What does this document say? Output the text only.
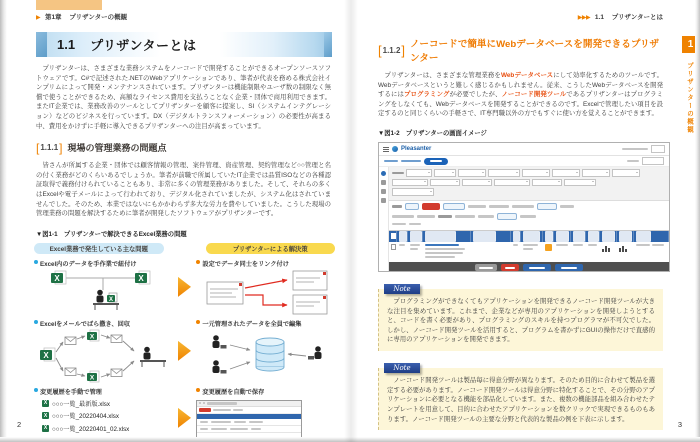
▶ 第1章 プリザンターの概観
1.1 プリザンターとは

　プリザンターは、さまざまな業務システムをノーコードで開発することができるオープンソースソフトウェアです。C#で記述された.NETのWebアプリケーションであり、筆者が代表を務める株式会社インプリムによって開発・メンテナンスされています。プリザンターは機能制限やユーザ数の制限なく無償で使うことができるため、高額なライセンス費用を支払うことなく企業・団体で商用利用できます。またIT企業では、業務改善のツールとしてプリザンターを顧客に提案し、SI（システムインテグレーション）などのビジネスを行っています。DX（デジタルトランスフォーメーション）の必要性が高まる中、費用をかけずに手軽に導入できるプリザンターへの注目が高まっています。

[ 1.1.1 ] 現場の管理業務の問題点

　皆さんが所属する企業・団体では顧客情報の管理、案件管理、資産管理、契約管理など○○管理と名の付く業務がどのくらいあるでしょうか。筆者が前職で所属していたIT企業では品質ISOなどの各種認証取得で義務付けられていることもあり、非常に多くの管理業務がありました。そして、それらの多くはExcelや電子メールによって行われており、デジタル化されていましたが、システム化はされていませんでした。そのため、本業ではないにもかかわらず多大な労力を費やしていました。こうした現場の管理業務の問題を解決するために筆者が開発したソフトウェアがプリザンターです。

▼図1-1　プリザンターで解決できるExcel業務の問題
Excel業務で発生している主な問題	プリザンターによる解決策
Excel内のデータを手作業で紐付け
X	X
X
設定でデータ同士をリンク付け
Excelをメールでばら撒き、回収
X
X
X
一元管理されたデータを全員で編集
変更履歴を手動で管理
X ○○○一覧_最新版.xlsx
X ○○○一覧_20220404.xlsx
X ○○○一覧_20220401_02.xlsx
変更履歴を自動で保存
2
▶▶▶ 1.1 プリザンターとは
[ 1.1.2 ] ノーコードで簡単にWebデータベースを開発できるプリザンター

　プリザンターは、さまざまな管理業務をWebデータベースにして効率化するためのツールです。Webデータベースというと難しく感じるかもしれません。従来、こうしたWebデータベースを開発するにはプログラミングが必要でしたが、ノーコード開発ツールであるプリザンターはプログラミングをしなくても、Webデータベースを開発することができるのです。Excelで管理したい項目を設定するのと同じくらいの手軽さで、IT専門職以外の方でもすぐに使い方を覚えることができます。

▼図1-2　プリザンターの画面イメージ
Pleasanter
Note
　プログラミングができなくてもアプリケーションを開発できるノーコード開発ツールが大きな注目を集めています。これまで、企業などが専用のアプリケーションを開発しようとすると、コードを書く必要があり、プログラミングのスキルを持つプログラマが不可欠でした。しかし、ノーコード開発ツールを活用すると、プログラムを書かずにGUIの操作だけで直感的に専用のアプリケーションを開発できます。
Note
　ノーコード開発ツールは製品毎に得意分野が異なります。そのため目的に合わせて製品を選定する必要があります。ノーコード開発ツールは得意分野に特化することで、その分野のアプリケーションに必要となる機能を部品化しています。また、複数の機能部品を組み合わせたテンプレートを用意して、目的に合わせたアプリケーションを数クリックで実現できるものもあります。ノーコード開発ツールの主要な分野と代表的な製品の例を下表に示します。
3
1
プリザンターの概観
